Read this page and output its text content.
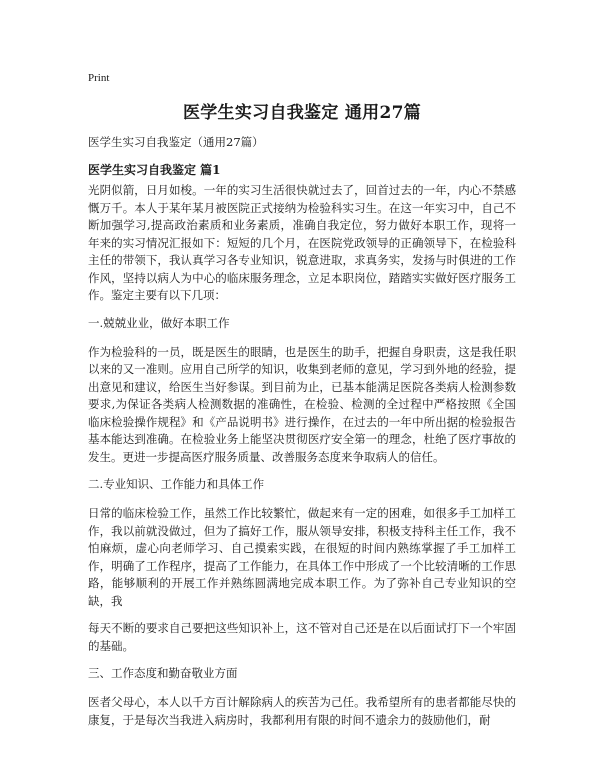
Print
医学生实习自我鉴定 通用27篇
医学生实习自我鉴定（通用27篇）
医学生实习自我鉴定 篇1

光阴似箭，日月如梭。一年的实习生活很快就过去了，回首过去的一年，内心不禁感慨万千。本人于某年某月被医院正式接纳为检验科实习生。在这一年实习中，自己不断加强学习,提高政治素质和业务素质，准确自我定位，努力做好本职工作，现将一年来的实习情况汇报如下：短短的几个月，在医院党政领导的正确领导下，在检验科主任的带领下，我认真学习各专业知识，锐意进取，求真务实，发扬与时俱进的工作作风，坚持以病人为中心的临床服务理念，立足本职岗位，踏踏实实做好医疗服务工作。鉴定主要有以下几项：

一.兢兢业业，做好本职工作

作为检验科的一员，既是医生的眼睛，也是医生的助手，把握自身职责，这是我任职以来的又一准则。应用自己所学的知识，收集到老师的意见，学习到外地的经验，提出意见和建议，给医生当好参谋。到目前为止，已基本能满足医院各类病人检测参数要求,为保证各类病人检测数据的准确性，在检验、检测的全过程中严格按照《全国临床检验操作规程》和《产品说明书》进行操作，在过去的一年中所出据的检验报告基本能达到准确。在检验业务上能坚决贯彻医疗安全第一的理念，杜绝了医疗事故的发生。更进一步提高医疗服务质量、改善服务态度来争取病人的信任。

二.专业知识、工作能力和具体工作

日常的临床检验工作，虽然工作比较繁忙，做起来有一定的困难，如很多手工加样工作，我以前就没做过，但为了搞好工作，服从领导安排，积极支持科主任工作，我不怕麻烦，虚心向老师学习、自己摸索实践，在很短的时间内熟练掌握了手工加样工作，明确了工作程序，提高了工作能力，在具体工作中形成了一个比较清晰的工作思路，能够顺利的开展工作并熟练圆满地完成本职工作。为了弥补自己专业知识的空缺，我

每天不断的要求自己要把这些知识补上，这不管对自己还是在以后面试打下一个牢固的基础。

三、工作态度和勤奋敬业方面

医者父母心，本人以千方百计解除病人的疾苦为己任。我希望所有的患者都能尽快的康复，于是每次当我进入病房时，我都利用有限的时间不遗余力的鼓励他们，耐
